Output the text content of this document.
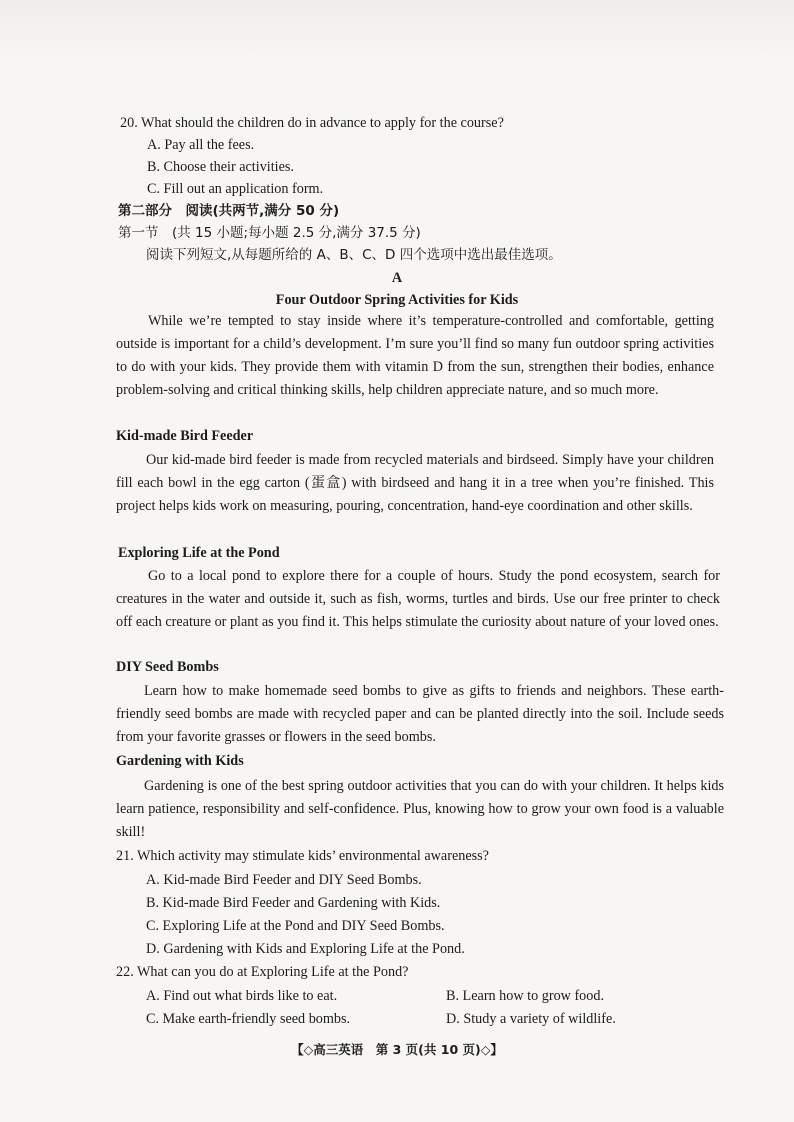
20. What should the children do in advance to apply for the course?
A. Pay all the fees.
B. Choose their activities.
C. Fill out an application form.
第二部分　阅读(共两节,满分 50 分)
第一节　(共 15 小题;每小题 2.5 分,满分 37.5 分)
阅读下列短文,从每题所给的 A、B、C、D 四个选项中选出最佳选项。
A
Four Outdoor Spring Activities for Kids
While we’re tempted to stay inside where it’s temperature-controlled and comfortable, getting outside is important for a child’s development. I’m sure you’ll find so many fun outdoor spring activities to do with your kids. They provide them with vitamin D from the sun, strengthen their bodies, enhance problem-solving and critical thinking skills, help children appreciate nature, and so much more.
Kid-made Bird Feeder
Our kid-made bird feeder is made from recycled materials and birdseed. Simply have your children fill each bowl in the egg carton (蛋盒) with birdseed and hang it in a tree when you’re finished. This project helps kids work on measuring, pouring, concentration, hand-eye coordination and other skills.
Exploring Life at the Pond
Go to a local pond to explore there for a couple of hours. Study the pond ecosystem, search for creatures in the water and outside it, such as fish, worms, turtles and birds. Use our free printer to check off each creature or plant as you find it. This helps stimulate the curiosity about nature of your loved ones.
DIY Seed Bombs
Learn how to make homemade seed bombs to give as gifts to friends and neighbors. These earth-friendly seed bombs are made with recycled paper and can be planted directly into the soil. Include seeds from your favorite grasses or flowers in the seed bombs.
Gardening with Kids
Gardening is one of the best spring outdoor activities that you can do with your children. It helps kids learn patience, responsibility and self-confidence. Plus, knowing how to grow your own food is a valuable skill!
21. Which activity may stimulate kids’ environmental awareness?
A. Kid-made Bird Feeder and DIY Seed Bombs.
B. Kid-made Bird Feeder and Gardening with Kids.
C. Exploring Life at the Pond and DIY Seed Bombs.
D. Gardening with Kids and Exploring Life at the Pond.
22. What can you do at Exploring Life at the Pond?
A. Find out what birds like to eat.	B. Learn how to grow food.
C. Make earth-friendly seed bombs.	D. Study a variety of wildlife.
【◇高三英语　第 3 页(共 10 页)◇】
